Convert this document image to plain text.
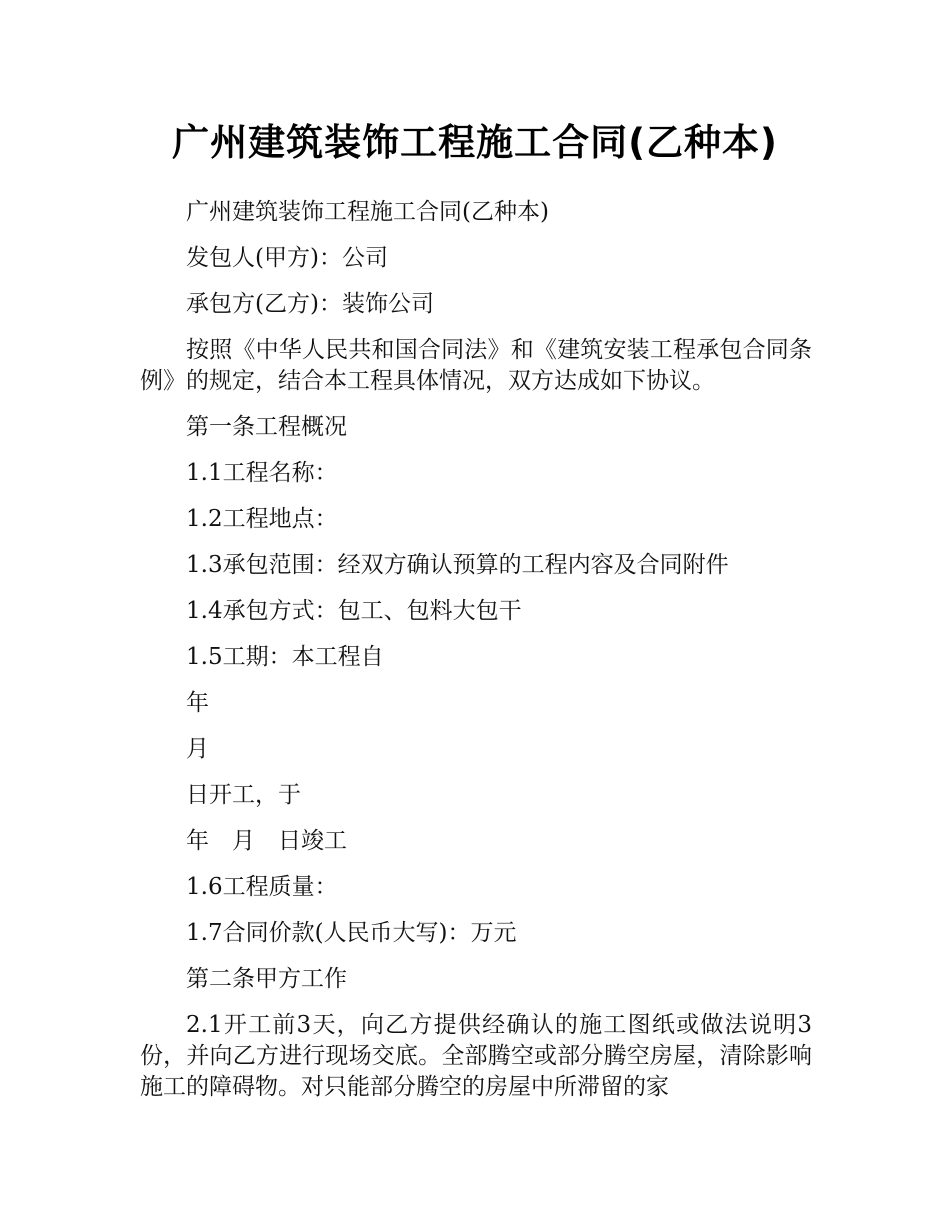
广州建筑装饰工程施工合同(乙种本)

广州建筑装饰工程施工合同(乙种本)

发包人(甲方)：公司

承包方(乙方)：装饰公司

按照《中华人民共和国合同法》和《建筑安装工程承包合同条例》的规定，结合本工程具体情况，双方达成如下协议。

第一条工程概况

1.1工程名称：

1.2工程地点：

1.3承包范围：经双方确认预算的工程内容及合同附件

1.4承包方式：包工、包料大包干

1.5工期：本工程自

年

月

日开工，于

年　月　日竣工

1.6工程质量：

1.7合同价款(人民币大写)：万元

第二条甲方工作

2.1开工前3天，向乙方提供经确认的施工图纸或做法说明3份，并向乙方进行现场交底。全部腾空或部分腾空房屋，清除影响施工的障碍物。对只能部分腾空的房屋中所滞留的家
